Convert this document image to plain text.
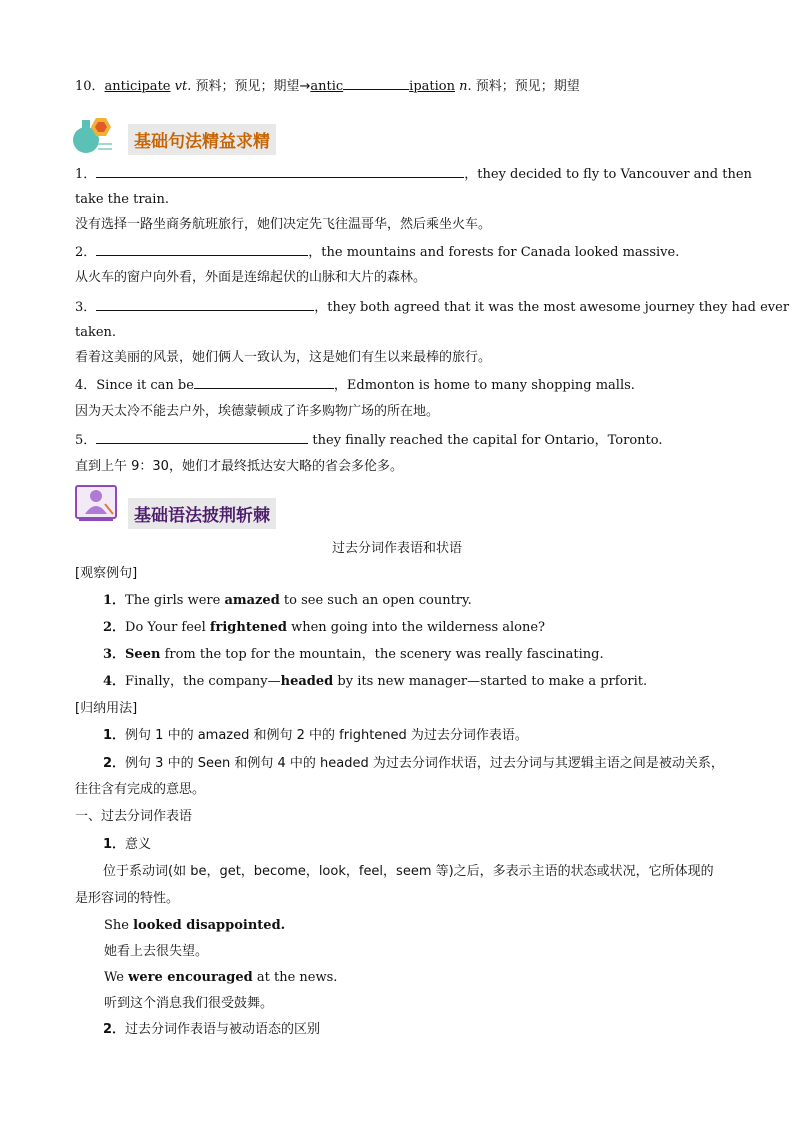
10．anticipate vt. 预料；预见；期望→antic	ipation n. 预料；预见；期望
基础句法精益求精
1．	，they decided to fly to Vancouver and then
take the train.
没有选择一路坐商务航班旅行，她们决定先飞往温哥华，然后乘坐火车。
2．	，the mountains and forests for Canada looked massive.
从火车的窗户向外看，外面是连绵起伏的山脉和大片的森林。
3．	，they both agreed that it was the most awesome journey they had ever
taken.
看着这美丽的风景，她们俩人一致认为，这是她们有生以来最棒的旅行。
4．Since it can be	，Edmonton is home to many shopping malls.
因为天太冷不能去户外，埃德蒙顿成了许多购物广场的所在地。
5．	they finally reached the capital for Ontario，Toronto.
直到上午 9：30，她们才最终抵达安大略的省会多伦多。
基础语法披荆斩棘
过去分词作表语和状语
[观察例句]
1．The girls were amazed to see such an open country.
2．Do Your feel frightened when going into the wilderness alone?
3．Seen from the top for the mountain，the scenery was really fascinating.
4．Finally，the company—headed by its new manager—started to make a prforit.
[归纳用法]
1．例句 1 中的 amazed 和例句 2 中的 frightened 为过去分词作表语。
2．例句 3 中的 Seen 和例句 4 中的 headed 为过去分词作状语，过去分词与其逻辑主语之间是被动关系，
往往含有完成的意思。
一、过去分词作表语
1．意义
位于系动词(如 be，get，become，look，feel，seem 等)之后，多表示主语的状态或状况，它所体现的
是形容词的特性。
She looked disappointed.
她看上去很失望。
We were encouraged at the news.
听到这个消息我们很受鼓舞。
2．过去分词作表语与被动语态的区别
